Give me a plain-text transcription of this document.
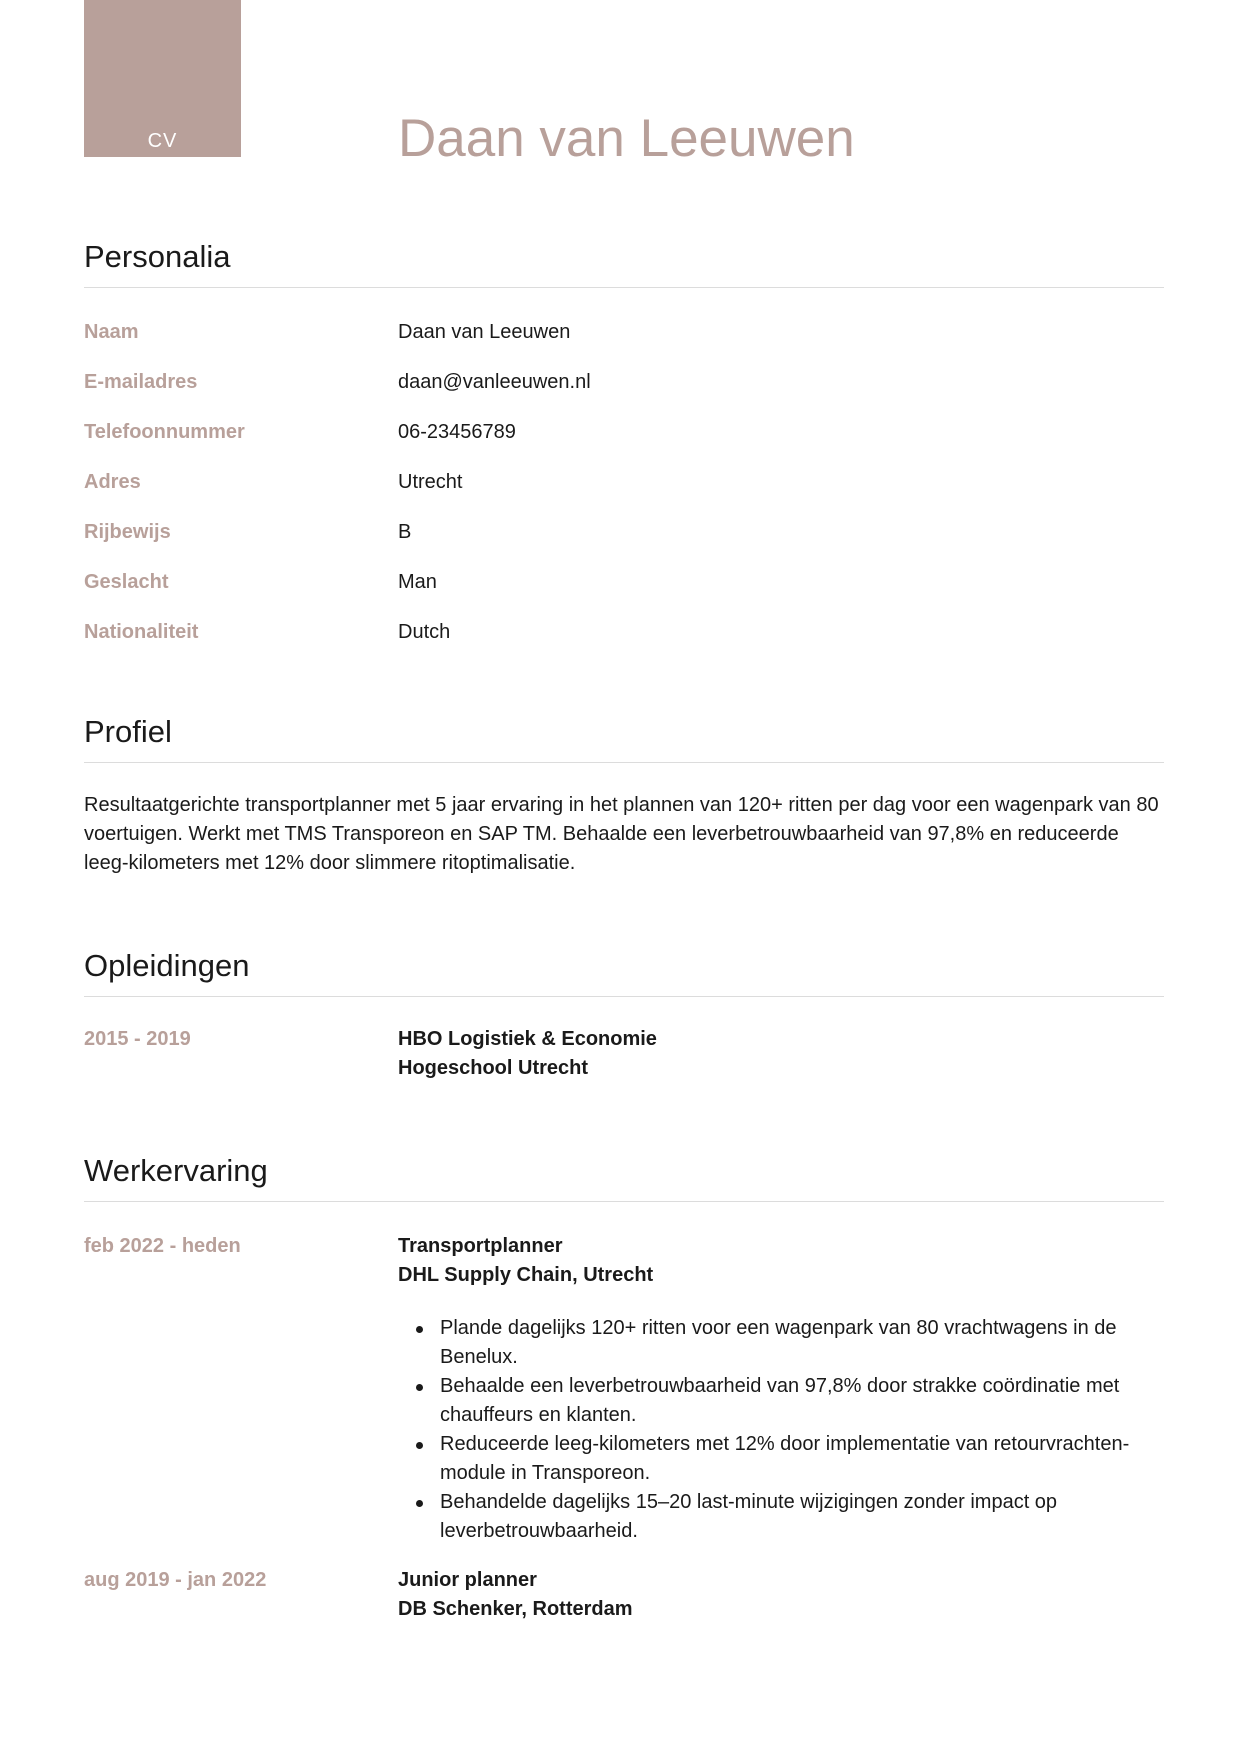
CV	Daan van Leeuwen
Personalia
Naam	Daan van Leeuwen
E-mailadres	daan@vanleeuwen.nl
Telefoonnummer	06-23456789
Adres	Utrecht
Rijbewijs	B
Geslacht	Man
Nationaliteit	Dutch
Profiel

Resultaatgerichte transportplanner met 5 jaar ervaring in het plannen van 120+ ritten per dag voor een wagenpark van 80 voertuigen. Werkt met TMS Transporeon en SAP TM. Behaalde een leverbetrouwbaarheid van 97,8% en reduceerde leeg-kilometers met 12% door slimmere ritoptimalisatie.

Opleidingen
2015 - 2019	HBO Logistiek & Economie
Hogeschool Utrecht
Werkervaring
feb 2022 - heden	Transportplanner
DHL Supply Chain, Utrecht
Plande dagelijks 120+ ritten voor een wagenpark van 80 vrachtwagens in de Benelux.
Behaalde een leverbetrouwbaarheid van 97,8% door strakke coördinatie met chauffeurs en klanten.
Reduceerde leeg-kilometers met 12% door implementatie van retourvrachten-module in Transporeon.
Behandelde dagelijks 15–20 last-minute wijzigingen zonder impact op leverbetrouwbaarheid.
aug 2019 - jan 2022	Junior planner
DB Schenker, Rotterdam
